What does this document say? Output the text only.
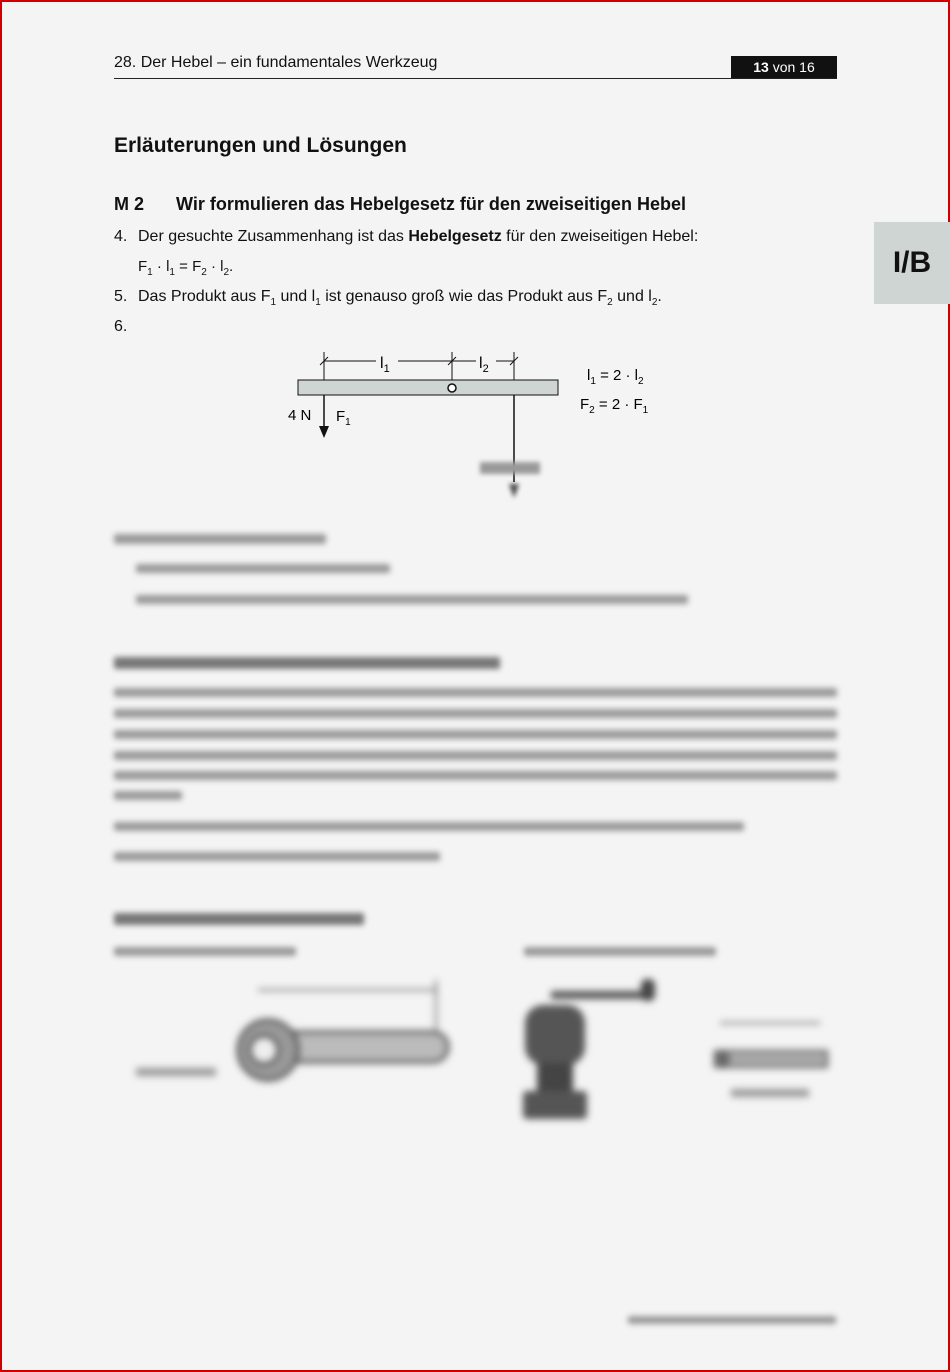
28. Der Hebel – ein fundamentales Werkzeug	13 von 16
I/B
Erläuterungen und Lösungen
M 2 Wir formulieren das Hebelgesetz für den zweiseitigen Hebel
4. Der gesuchte Zusammenhang ist das Hebelgesetz für den zweiseitigen Hebel:
$F_1 \cdot l_1 = F_2 \cdot l_2$.
5. Das Produkt aus $F_1$ und $l_1$ ist genauso groß wie das Produkt aus $F_2$ und $l_2$.
6.
$l_1$	$l_2$
4 N $F_1$
$l_1 = 2 \cdot l_2$
$F_2 = 2 \cdot F_1$
